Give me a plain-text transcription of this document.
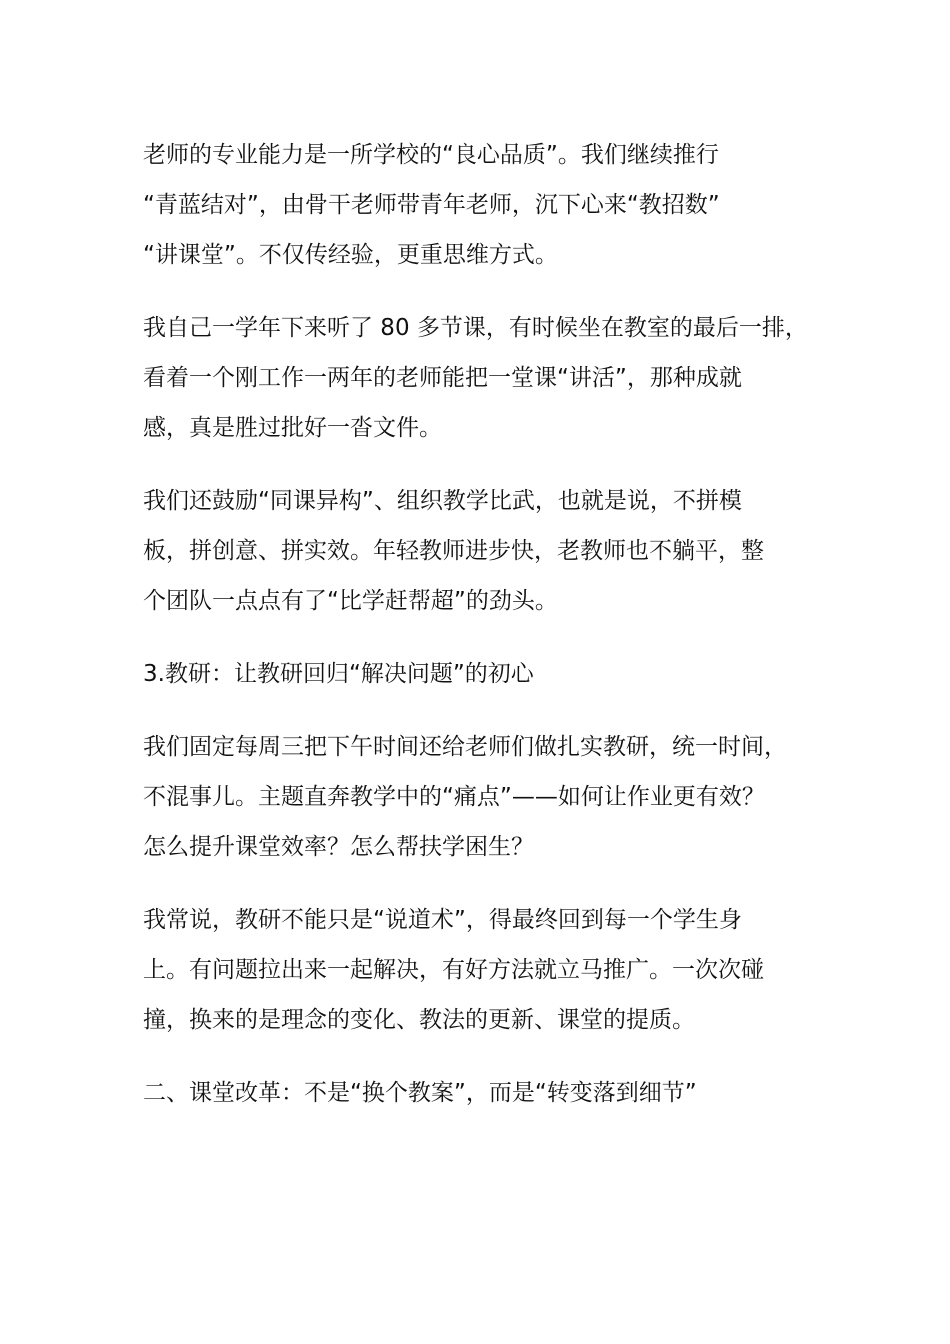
老师的专业能力是一所学校的“良心品质”。我们继续推行
“青蓝结对”，由骨干老师带青年老师，沉下心来“教招数”
“讲课堂”。不仅传经验，更重思维方式。
我自己一学年下来听了 80 多节课，有时候坐在教室的最后一排，
看着一个刚工作一两年的老师能把一堂课“讲活”，那种成就
感，真是胜过批好一沓文件。
我们还鼓励“同课异构”、组织教学比武，也就是说，不拼模
板，拼创意、拼实效。年轻教师进步快，老教师也不躺平，整
个团队一点点有了“比学赶帮超”的劲头。
3.教研：让教研回归“解决问题”的初心
我们固定每周三把下午时间还给老师们做扎实教研，统一时间，
不混事儿。主题直奔教学中的“痛点”——如何让作业更有效？
怎么提升课堂效率？怎么帮扶学困生？
我常说，教研不能只是“说道术”，得最终回到每一个学生身
上。有问题拉出来一起解决，有好方法就立马推广。一次次碰
撞，换来的是理念的变化、教法的更新、课堂的提质。
二、课堂改革：不是“换个教案”，而是“转变落到细节”
